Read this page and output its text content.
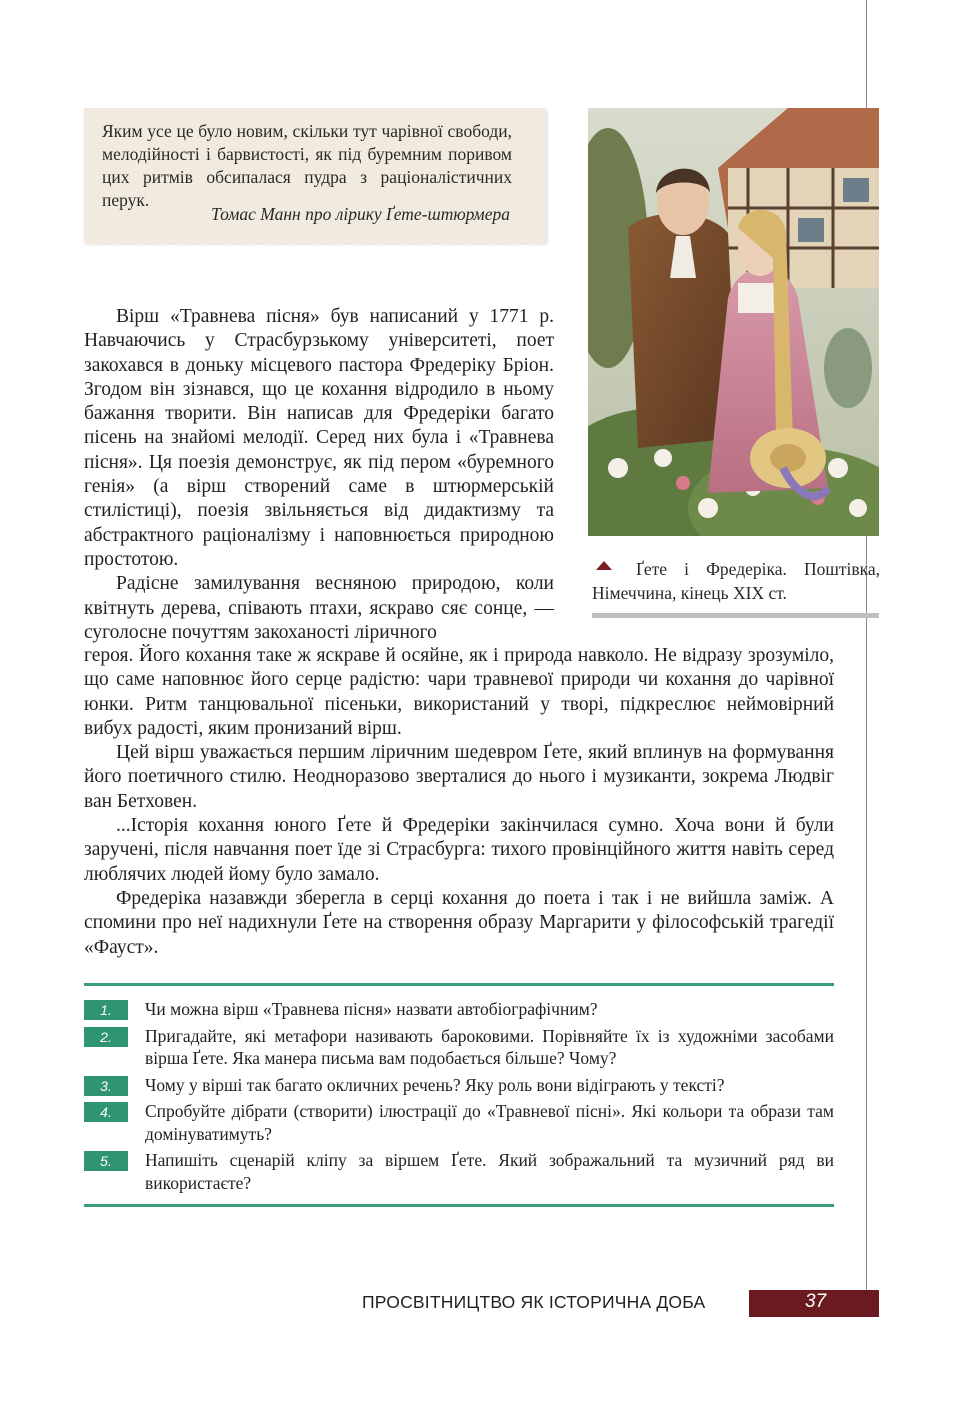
Яким усе це було новим, скільки тут чарівної свободи, мелодійності і барвистості, як під буремним поривом цих ритмів обсипалася пудра з раціоналістичних перук.
Томас Манн про лірику Ґете-штюрмера
Ґете і Фредеріка. Поштівка, Німеччина, кінець XIX ст.

Вірш «Травнева пісня» був написаний у 1771 р. Навчаючись у Страсбурзькому університеті, поет закохався в доньку місцевого пастора Фредеріку Бріон. Згодом він зізнався, що це кохання відродило в ньому бажання творити. Він написав для Фредеріки багато пісень на знайомі мелодії. Серед них була і «Травнева пісня». Ця поезія демонструє, як під пером «буремного генія» (а вірш створений саме в штюрмерській стилістиці), поезія звільняється від дидактизму та абстрактного раціоналізму і наповнюється природною простотою.

Радісне замилування весняною природою, коли квітнуть дерева, співають птахи, яскраво сяє сонце, — суголосне почуттям закоханості ліричного

героя. Його кохання таке ж яскраве й осяйне, як і природа навколо. Не відразу зрозуміло, що саме наповнює його серце радістю: чари травневої природи чи кохання до чарівної юнки. Ритм танцювальної пісеньки, використаний у творі, підкреслює неймовірний вибух радості, яким пронизаний вірш.

Цей вірш уважається першим ліричним шедевром Ґете, який вплинув на формування його поетичного стилю. Неодноразово зверталися до нього і музиканти, зокрема Людвіг ван Бетховен.

...Історія кохання юного Ґете й Фредеріки закінчилася сумно. Хоча вони й були заручені, після навчання поет їде зі Страсбурга: тихого провінційного життя навіть серед люблячих людей йому було замало.

Фредеріка назавжди зберегла в серці кохання до поета і так і не вийшла заміж. А спомини про неї надихнули Ґете на створення образу Маргарити у філософській трагедії «Фауст».

1.	Чи можна вірш «Травнева пісня» назвати автобіографічним?
2.	Пригадайте, які метафори називають бароковими. Порівняйте їх із художніми засобами вірша Ґете. Яка манера письма вам подобається більше? Чому?
3.	Чому у вірші так багато окличних речень? Яку роль вони відіграють у тексті?
4.	Спробуйте дібрати (створити) ілюстрації до «Травневої пісні». Які кольори та образи там домінуватимуть?
5.	Напишіть сценарій кліпу за віршем Ґете. Який зображальний та музичний ряд ви використаєте?
ПРОСВІТНИЦТВО ЯК ІСТОРИЧНА ДОБА	37
